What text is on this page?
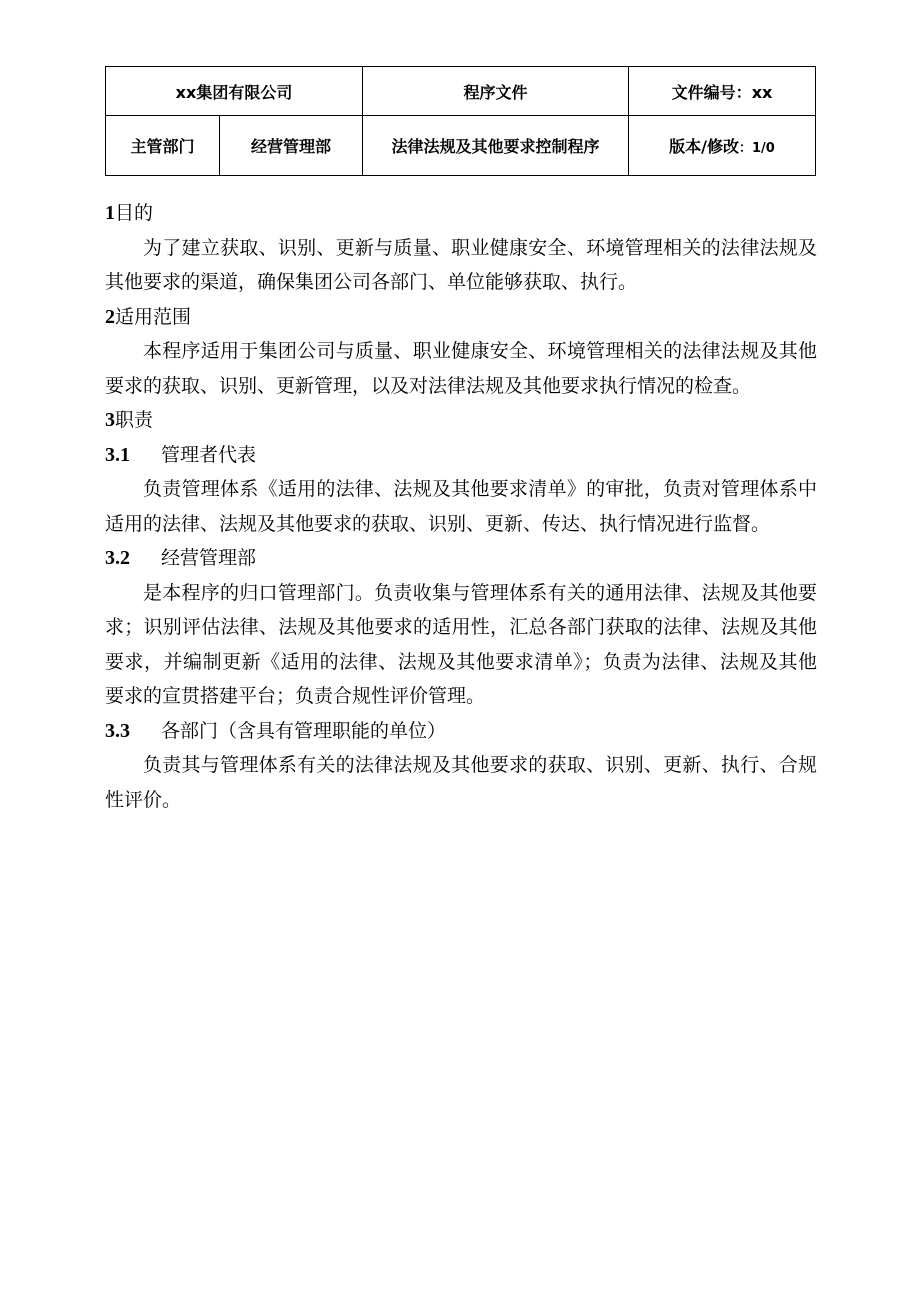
xx集团有限公司		程序文件	文件编号：xx
主管部门	经营管理部	法律法规及其他要求控制程序	版本/修改：1/0

1目的

为了建立获取、识别、更新与质量、职业健康安全、环境管理相关的法律法规及其他要求的渠道，确保集团公司各部门、单位能够获取、执行。

2适用范围

本程序适用于集团公司与质量、职业健康安全、环境管理相关的法律法规及其他要求的获取、识别、更新管理，以及对法律法规及其他要求执行情况的检查。

3职责

3.1 管理者代表

负责管理体系《适用的法律、法规及其他要求清单》的审批，负责对管理体系中适用的法律、法规及其他要求的获取、识别、更新、传达、执行情况进行监督。

3.2 经营管理部

是本程序的归口管理部门。负责收集与管理体系有关的通用法律、法规及其他要求；识别评估法律、法规及其他要求的适用性，汇总各部门获取的法律、法规及其他要求，并编制更新《适用的法律、法规及其他要求清单》；负责为法律、法规及其他要求的宣贯搭建平台；负责合规性评价管理。

3.3 各部门（含具有管理职能的单位）

负责其与管理体系有关的法律法规及其他要求的获取、识别、更新、执行、合规性评价。
